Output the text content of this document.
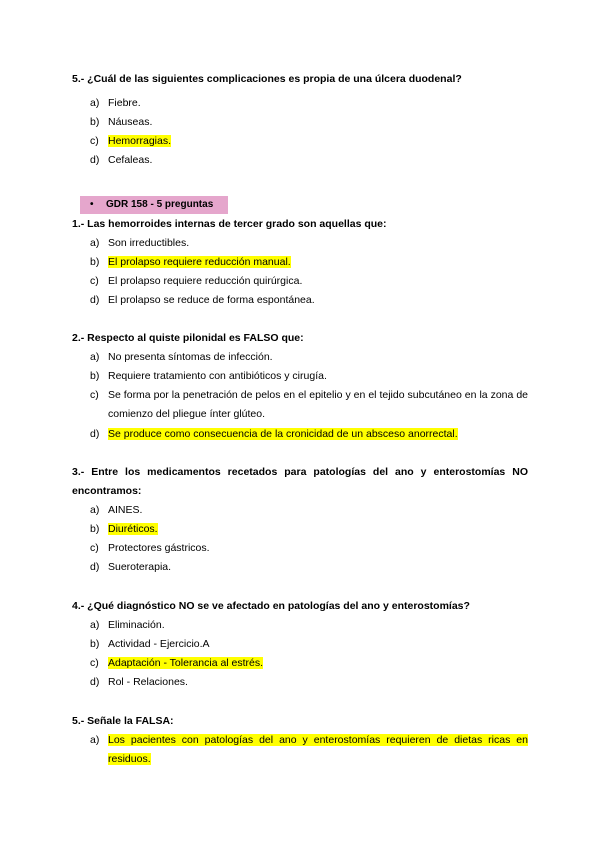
5.- ¿Cuál de las siguientes complicaciones es propia de una úlcera duodenal?
a) Fiebre.
b) Náuseas.
c) Hemorragias.
d) Cefaleas.
• GDR 158 - 5 preguntas
1.- Las hemorroides internas de tercer grado son aquellas que:
a) Son irreductibles.
b) El prolapso requiere reducción manual.
c) El prolapso requiere reducción quirúrgica.
d) El prolapso se reduce de forma espontánea.
2.- Respecto al quiste pilonidal es FALSO que:
a) No presenta síntomas de infección.
b) Requiere tratamiento con antibióticos y cirugía.
c) Se forma por la penetración de pelos en el epitelio y en el tejido subcutáneo en la zona de comienzo del pliegue ínter glúteo.
d) Se produce como consecuencia de la cronicidad de un absceso anorrectal.
3.- Entre los medicamentos recetados para patologías del ano y enterostomías NO encontramos:
a) AINES.
b) Diuréticos.
c) Protectores gástricos.
d) Sueroterapia.
4.- ¿Qué diagnóstico NO se ve afectado en patologías del ano y enterostomías?
a) Eliminación.
b) Actividad - Ejercicio.A
c) Adaptación - Tolerancia al estrés.
d) Rol - Relaciones.
5.- Señale la FALSA:
a) Los pacientes con patologías del ano y enterostomías requieren de dietas ricas en residuos.
